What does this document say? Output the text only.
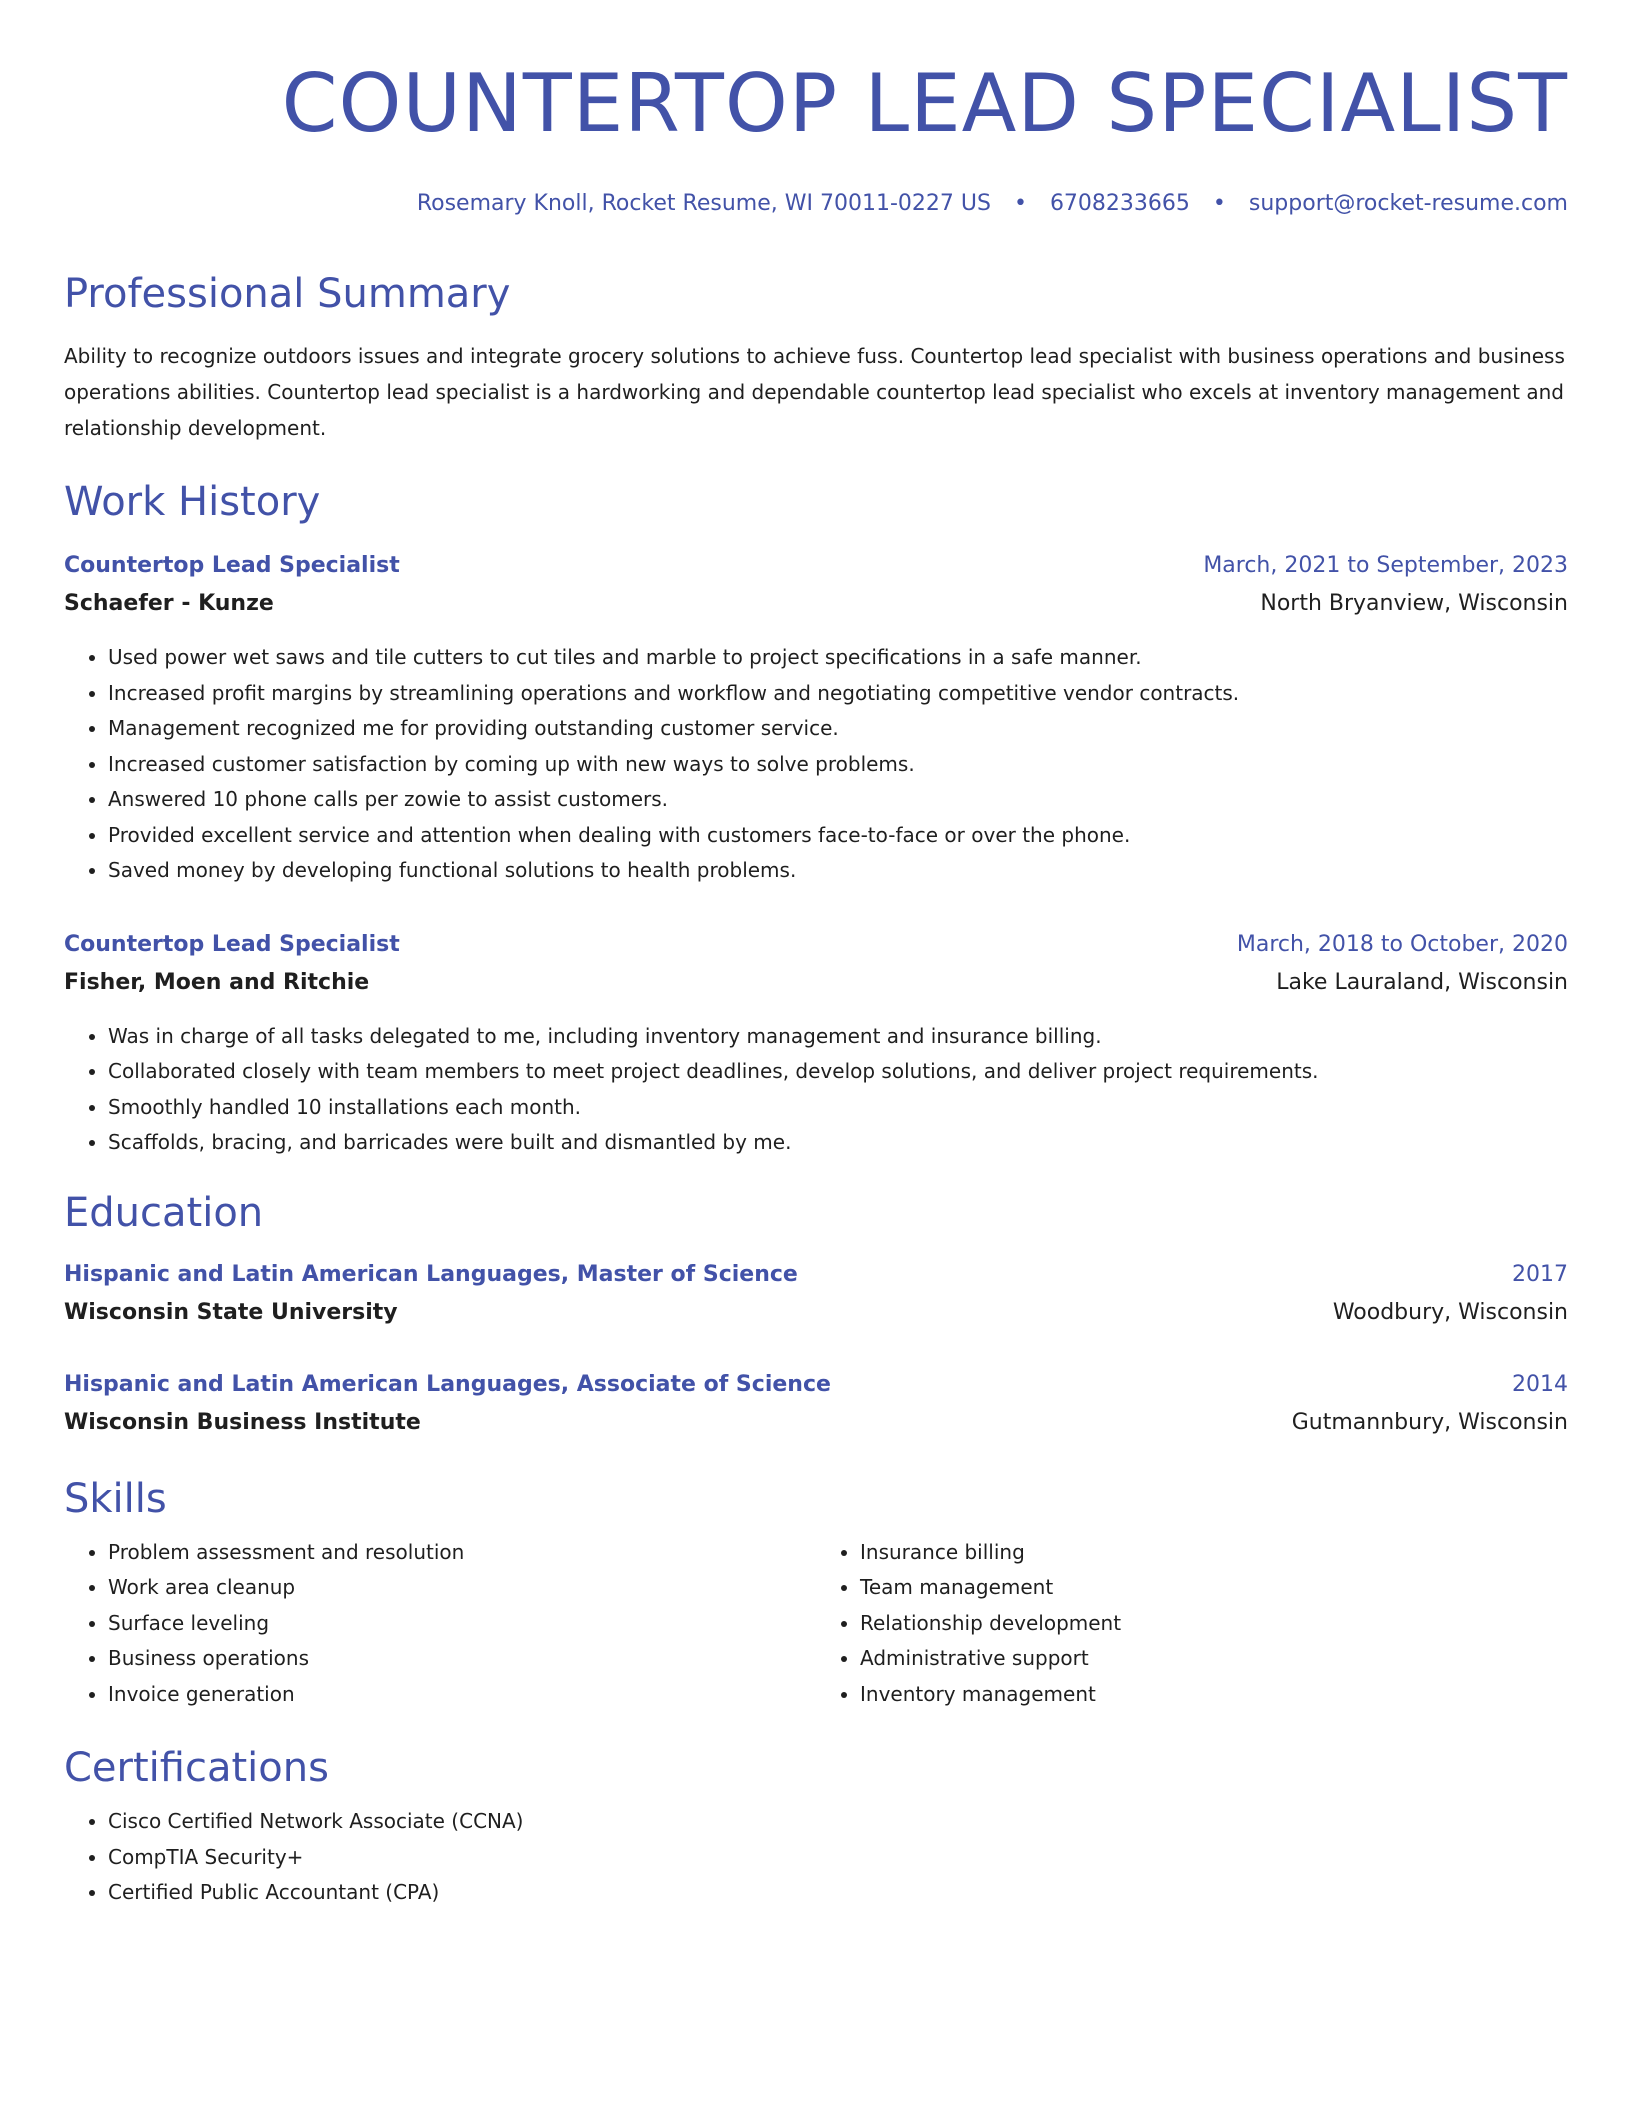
COUNTERTOP LEAD SPECIALIST
Rosemary Knoll, Rocket Resume, WI 70011-0227 US • 6708233665 • support@rocket-resume.com
Professional Summary

Ability to recognize outdoors issues and integrate grocery solutions to achieve fuss. Countertop lead specialist with business operations and business operations abilities. Countertop lead specialist is a hardworking and dependable countertop lead specialist who excels at inventory management and relationship development.

Work History
Countertop Lead Specialist	March, 2021 to September, 2023
Schaefer - Kunze	North Bryanview, Wisconsin
• Used power wet saws and tile cutters to cut tiles and marble to project specifications in a safe manner.
• Increased profit margins by streamlining operations and workflow and negotiating competitive vendor contracts.
• Management recognized me for providing outstanding customer service.
• Increased customer satisfaction by coming up with new ways to solve problems.
• Answered 10 phone calls per zowie to assist customers.
• Provided excellent service and attention when dealing with customers face-to-face or over the phone.
• Saved money by developing functional solutions to health problems.
Countertop Lead Specialist	March, 2018 to October, 2020
Fisher, Moen and Ritchie	Lake Lauraland, Wisconsin
• Was in charge of all tasks delegated to me, including inventory management and insurance billing.
• Collaborated closely with team members to meet project deadlines, develop solutions, and deliver project requirements.
• Smoothly handled 10 installations each month.
• Scaffolds, bracing, and barricades were built and dismantled by me.
Education
Hispanic and Latin American Languages, Master of Science	2017
Wisconsin State University	Woodbury, Wisconsin
Hispanic and Latin American Languages, Associate of Science	2014
Wisconsin Business Institute	Gutmannbury, Wisconsin
Skills
• Problem assessment and resolution
• Work area cleanup
• Surface leveling
• Business operations
• Invoice generation
• Insurance billing
• Team management
• Relationship development
• Administrative support
• Inventory management
Certifications
• Cisco Certified Network Associate (CCNA)
• CompTIA Security+
• Certified Public Accountant (CPA)
